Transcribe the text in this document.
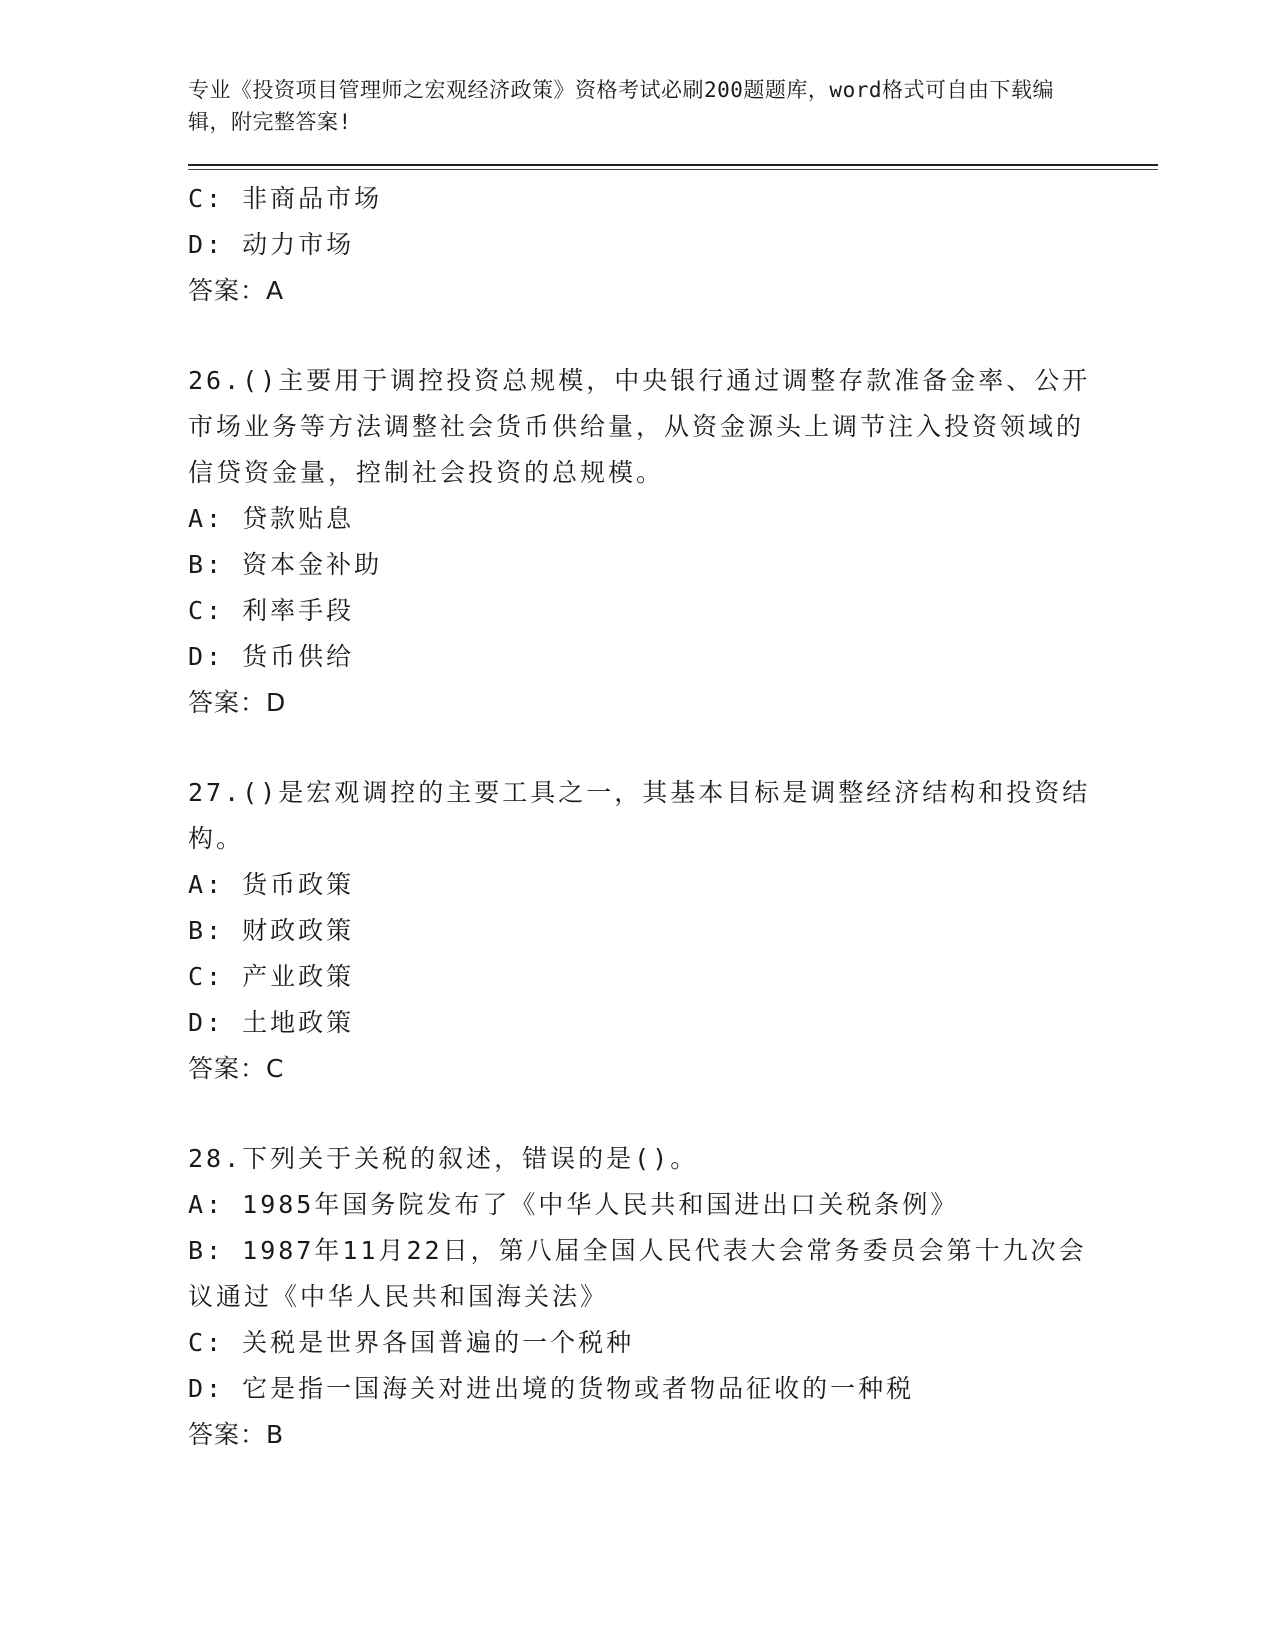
专业《投资项目管理师之宏观经济政策》资格考试必刷200题题库，word格式可自由下载编辑，附完整答案!
C: 非商品市场
D: 动力市场
答案：A
26.()主要用于调控投资总规模，中央银行通过调整存款准备金率、公开市场业务等方法调整社会货币供给量，从资金源头上调节注入投资领域的信贷资金量，控制社会投资的总规模。
A: 贷款贴息
B: 资本金补助
C: 利率手段
D: 货币供给
答案：D
27.()是宏观调控的主要工具之一，其基本目标是调整经济结构和投资结构。
A: 货币政策
B: 财政政策
C: 产业政策
D: 土地政策
答案：C
28.下列关于关税的叙述，错误的是()。
A: 1985年国务院发布了《中华人民共和国进出口关税条例》
B: 1987年11月22日，第八届全国人民代表大会常务委员会第十九次会议通过《中华人民共和国海关法》
C: 关税是世界各国普遍的一个税种
D: 它是指一国海关对进出境的货物或者物品征收的一种税
答案：B
